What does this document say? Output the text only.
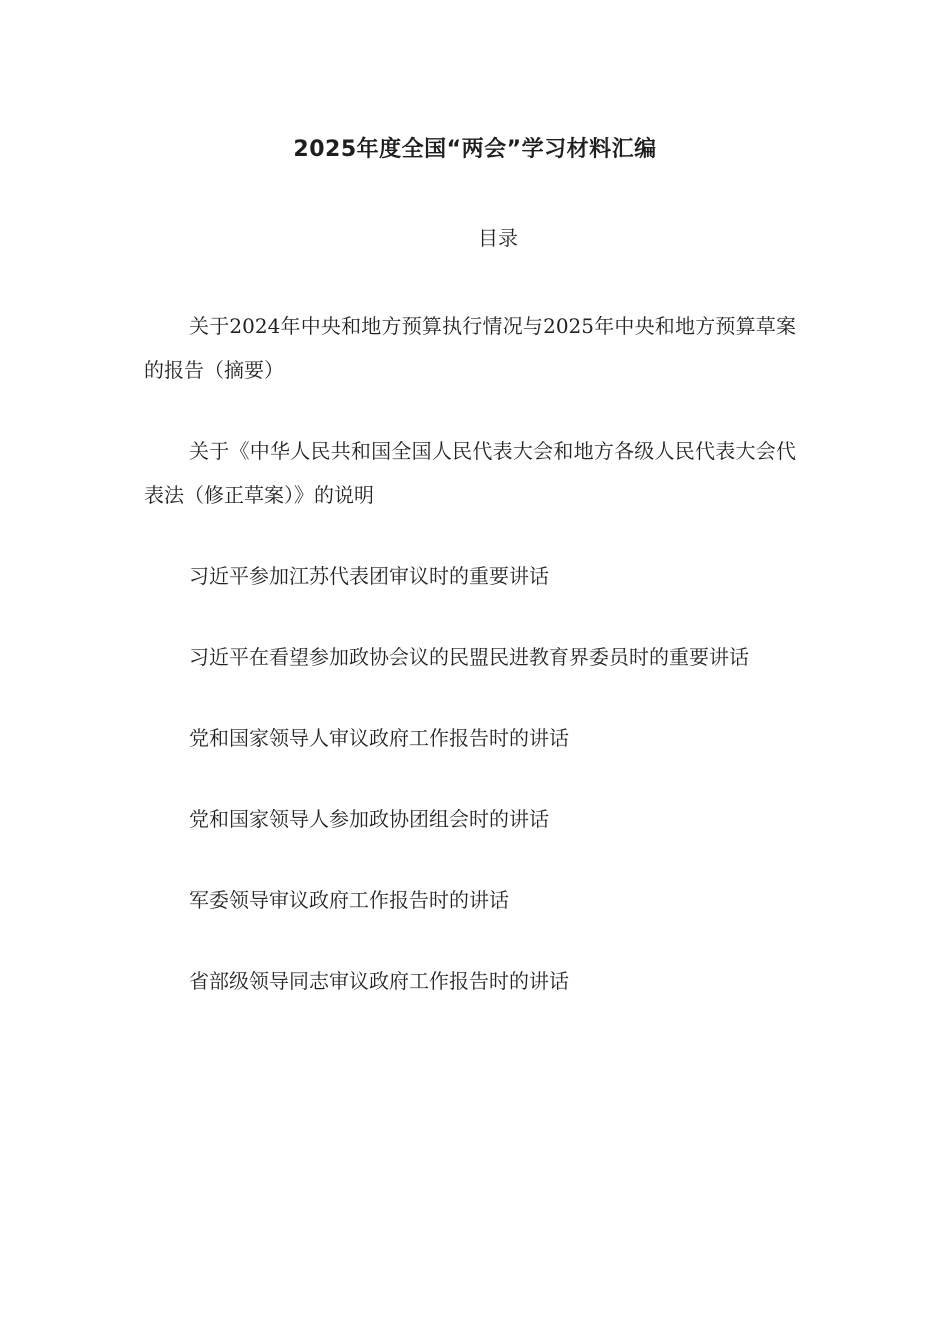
2025年度全国“两会”学习材料汇编
目录
关于2024年中央和地方预算执行情况与2025年中央和地方预算草案的报告（摘要）
关于《中华人民共和国全国人民代表大会和地方各级人民代表大会代表法（修正草案）》的说明
习近平参加江苏代表团审议时的重要讲话
习近平在看望参加政协会议的民盟民进教育界委员时的重要讲话
党和国家领导人审议政府工作报告时的讲话
党和国家领导人参加政协团组会时的讲话
军委领导审议政府工作报告时的讲话
省部级领导同志审议政府工作报告时的讲话
